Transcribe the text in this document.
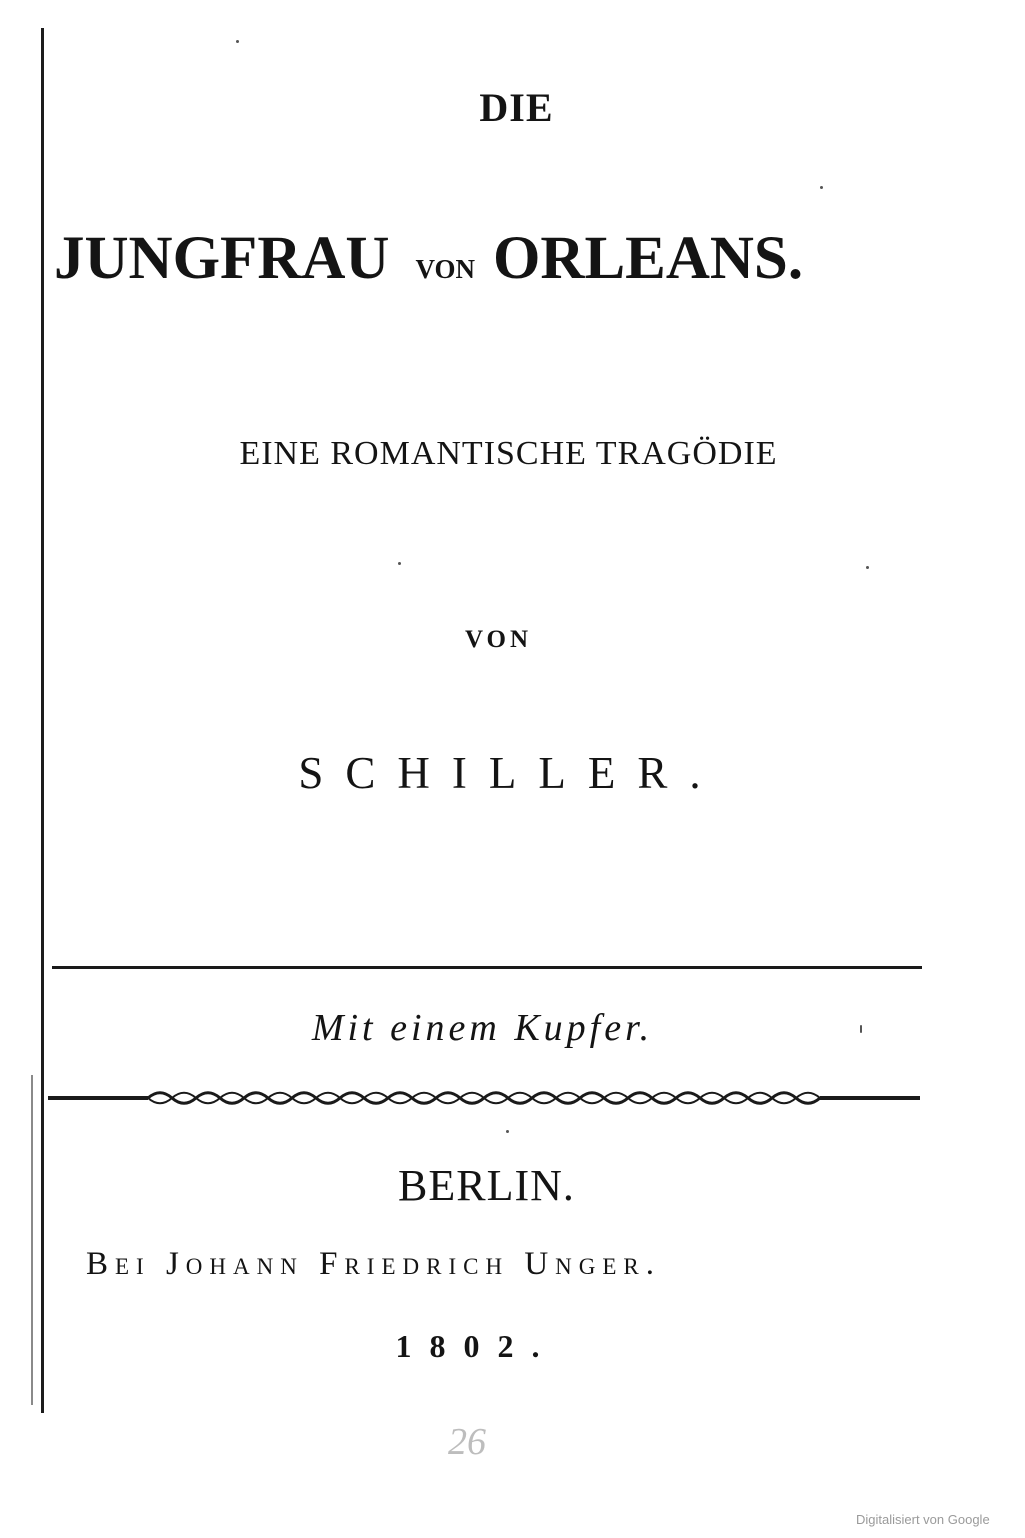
DIE
JUNGFRAU von ORLEANS.
EINE ROMANTISCHE TRAGÖDIE
VON
SCHILLER.
Mit einem Kupfer.
BERLIN.
Bei Johann Friedrich Unger.
1802.
26
Digitalisiert von Google
